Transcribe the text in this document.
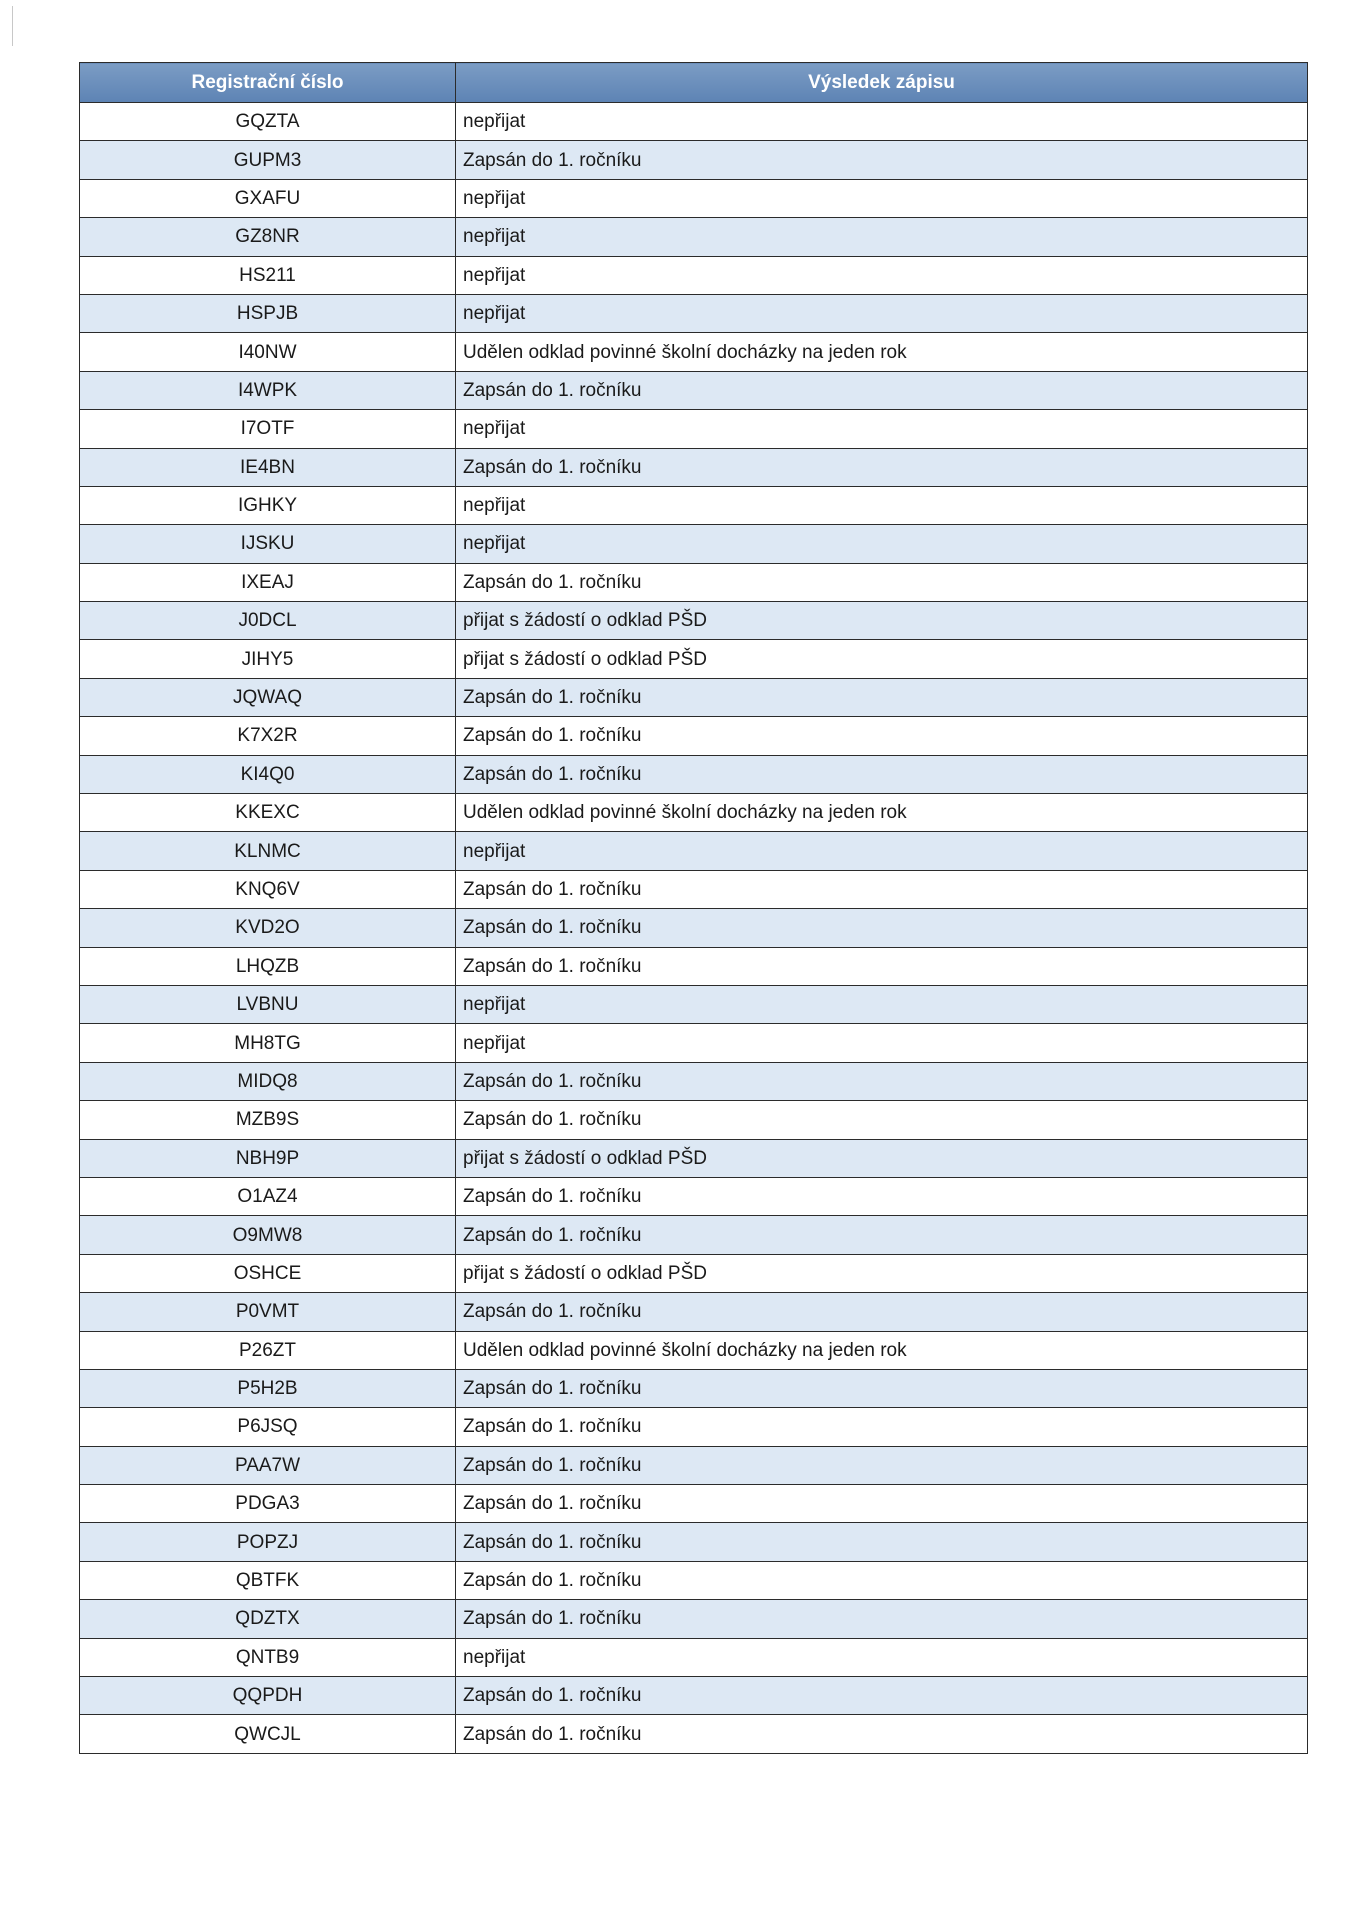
Registrační číslo	Výsledek zápisu
GQZTA	nepřijat
GUPM3	Zapsán do 1. ročníku
GXAFU	nepřijat
GZ8NR	nepřijat
HS211	nepřijat
HSPJB	nepřijat
I40NW	Udělen odklad povinné školní docházky na jeden rok
I4WPK	Zapsán do 1. ročníku
I7OTF	nepřijat
IE4BN	Zapsán do 1. ročníku
IGHKY	nepřijat
IJSKU	nepřijat
IXEAJ	Zapsán do 1. ročníku
J0DCL	přijat s žádostí o odklad PŠD
JIHY5	přijat s žádostí o odklad PŠD
JQWAQ	Zapsán do 1. ročníku
K7X2R	Zapsán do 1. ročníku
KI4Q0	Zapsán do 1. ročníku
KKEXC	Udělen odklad povinné školní docházky na jeden rok
KLNMC	nepřijat
KNQ6V	Zapsán do 1. ročníku
KVD2O	Zapsán do 1. ročníku
LHQZB	Zapsán do 1. ročníku
LVBNU	nepřijat
MH8TG	nepřijat
MIDQ8	Zapsán do 1. ročníku
MZB9S	Zapsán do 1. ročníku
NBH9P	přijat s žádostí o odklad PŠD
O1AZ4	Zapsán do 1. ročníku
O9MW8	Zapsán do 1. ročníku
OSHCE	přijat s žádostí o odklad PŠD
P0VMT	Zapsán do 1. ročníku
P26ZT	Udělen odklad povinné školní docházky na jeden rok
P5H2B	Zapsán do 1. ročníku
P6JSQ	Zapsán do 1. ročníku
PAA7W	Zapsán do 1. ročníku
PDGA3	Zapsán do 1. ročníku
POPZJ	Zapsán do 1. ročníku
QBTFK	Zapsán do 1. ročníku
QDZTX	Zapsán do 1. ročníku
QNTB9	nepřijat
QQPDH	Zapsán do 1. ročníku
QWCJL	Zapsán do 1. ročníku
